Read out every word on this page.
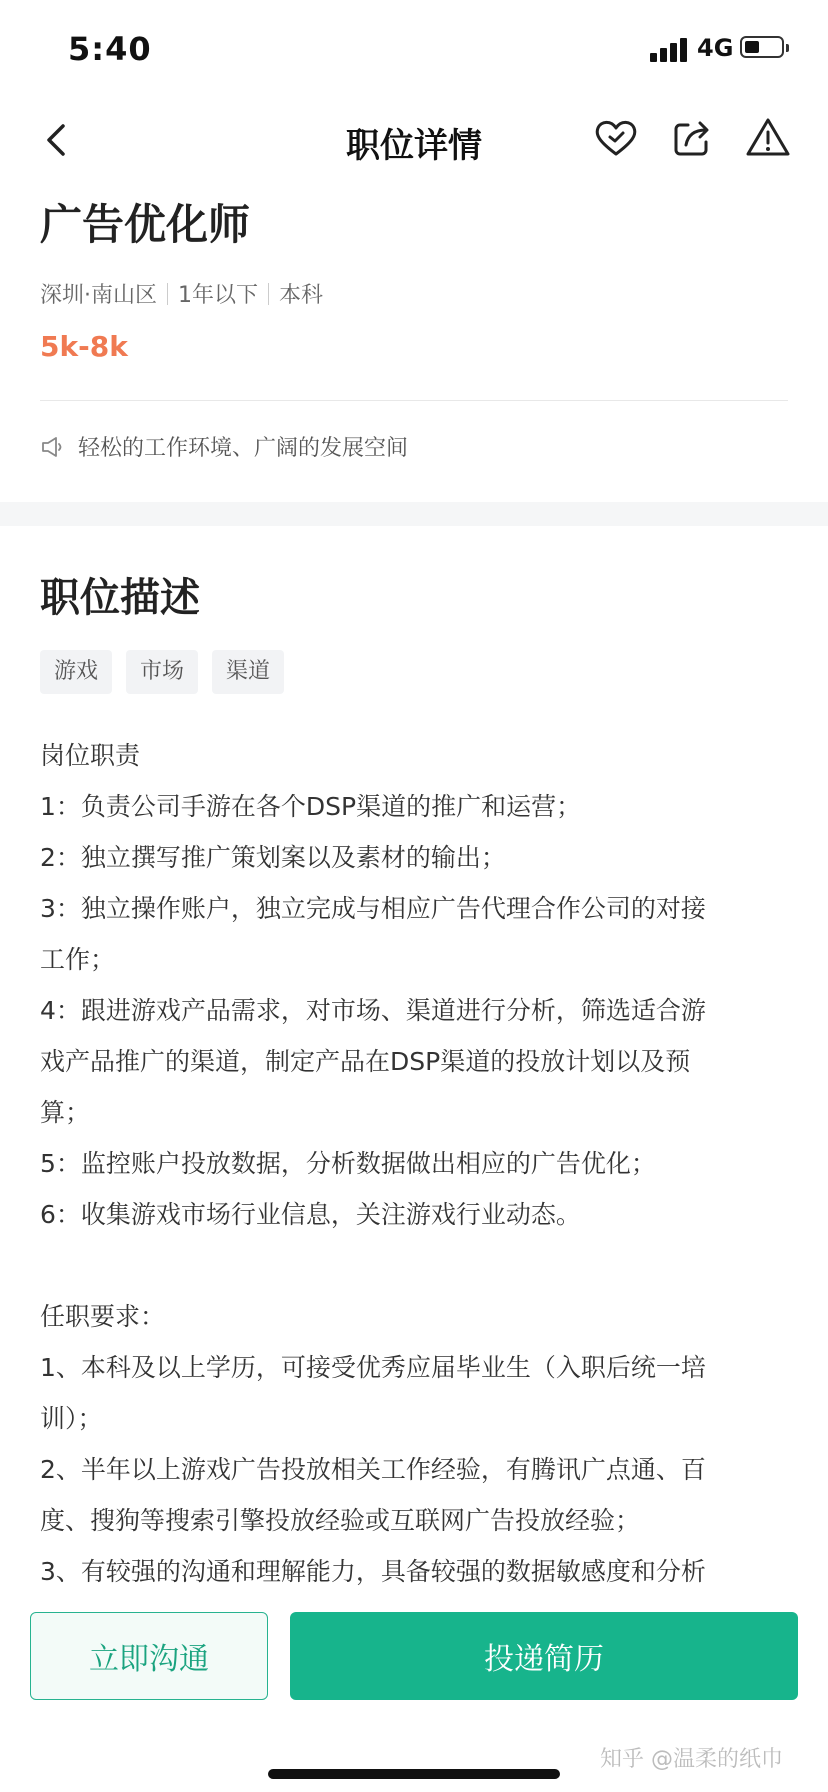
5:40	4G
职位详情
广告优化师
深圳·南山区 1年以下 本科
5k-8k
轻松的工作环境、广阔的发展空间
职位描述
游戏	市场	渠道
岗位职责
1：负责公司手游在各个DSP渠道的推广和运营；
2：独立撰写推广策划案以及素材的输出；
3：独立操作账户，独立完成与相应广告代理合作公司的对接
工作；
4：跟进游戏产品需求，对市场、渠道进行分析，筛选适合游
戏产品推广的渠道，制定产品在DSP渠道的投放计划以及预
算；
5：监控账户投放数据，分析数据做出相应的广告优化；
6：收集游戏市场行业信息，关注游戏行业动态。
任职要求：
1、本科及以上学历，可接受优秀应届毕业生（入职后统一培
训）；
2、半年以上游戏广告投放相关工作经验，有腾讯广点通、百
度、搜狗等搜索引擎投放经验或互联网广告投放经验；
3、有较强的沟通和理解能力，具备较强的数据敏感度和分析
立即沟通	投递简历
知乎 @温柔的纸巾
